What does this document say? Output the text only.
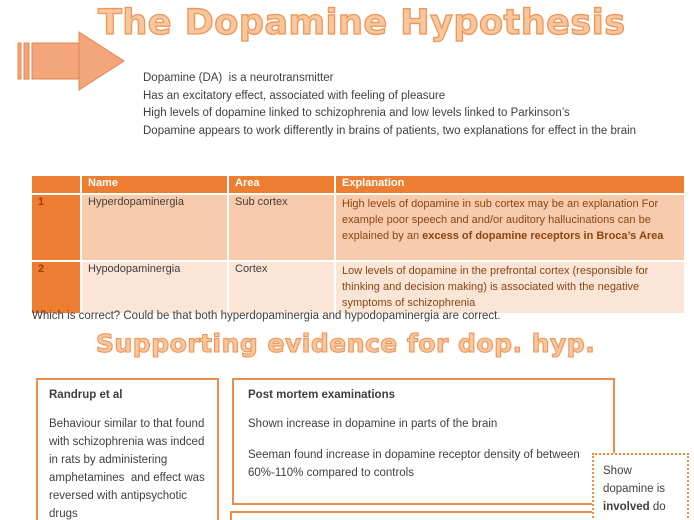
The Dopamine Hypothesis
Dopamine (DA)  is a neurotransmitter
Has an excitatory effect, associated with feeling of pleasure
High levels of dopamine linked to schizophrenia and low levels linked to Parkinson’s
Dopamine appears to work differently in brains of patients, two explanations for effect in the brain
	Name	Area	Explanation
1	Hyperdopaminergia	Sub cortex	High levels of dopamine in sub cortex may be an explanation For example poor speech and and/or auditory hallucinations can be explained by an excess of dopamine receptors in Broca’s Area
2	Hypodopaminergia	Cortex	Low levels of dopamine in the prefrontal cortex (responsible for thinking and decision making) is associated with the negative symptoms of schizophrenia
Which is correct? Could be that both hyperdopaminergia and hypodopaminergia are correct.
Supporting evidence for dop. hyp.
Randrup et al
Behaviour similar to that found with schizophrenia was indced in rats by administering amphetamines  and effect was reversed with antipsychotic drugs
Post mortem examinations
Shown increase in dopamine in parts of the brain
Seeman found increase in dopamine receptor density of between 60%-110% compared to controls	Show dopamine is involved do
